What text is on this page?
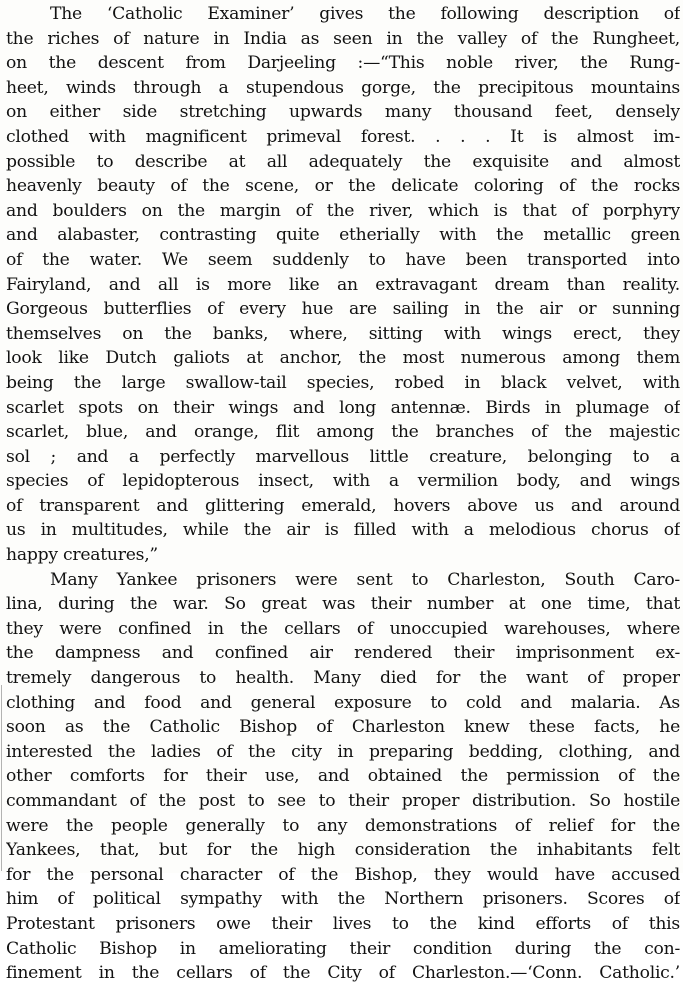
The ‘Catholic Examiner’ gives the following description of
the riches of nature in India as seen in the valley of the Rungheet,
on the descent from Darjeeling :—“This noble river, the Rung-
heet, winds through a stupendous gorge, the precipitous mountains
on either side stretching upwards many thousand feet, densely
clothed with magnificent primeval forest. . . . It is almost im-
possible to describe at all adequately the exquisite and almost
heavenly beauty of the scene, or the delicate coloring of the rocks
and boulders on the margin of the river, which is that of porphyry
and alabaster, contrasting quite etherially with the metallic green
of the water. We seem suddenly to have been transported into
Fairyland, and all is more like an extravagant dream than reality.
Gorgeous butterflies of every hue are sailing in the air or sunning
themselves on the banks, where, sitting with wings erect, they
look like Dutch galiots at anchor, the most numerous among them
being the large swallow-tail species, robed in black velvet, with
scarlet spots on their wings and long antennæ. Birds in plumage of
scarlet, blue, and orange, flit among the branches of the majestic
sol ; and a perfectly marvellous little creature, belonging to a
species of lepidopterous insect, with a vermilion body, and wings
of transparent and glittering emerald, hovers above us and around
us in multitudes, while the air is filled with a melodious chorus of
happy creatures,”
Many Yankee prisoners were sent to Charleston, South Caro-
lina, during the war. So great was their number at one time, that
they were confined in the cellars of unoccupied warehouses, where
the dampness and confined air rendered their imprisonment ex-
tremely dangerous to health. Many died for the want of proper
clothing and food and general exposure to cold and malaria. As
soon as the Catholic Bishop of Charleston knew these facts, he
interested the ladies of the city in preparing bedding, clothing, and
other comforts for their use, and obtained the permission of the
commandant of the post to see to their proper distribution. So hostile
were the people generally to any demonstrations of relief for the
Yankees, that, but for the high consideration the inhabitants felt
for the personal character of the Bishop, they would have accused
him of political sympathy with the Northern prisoners. Scores of
Protestant prisoners owe their lives to the kind efforts of this
Catholic Bishop in ameliorating their condition during the con-
finement in the cellars of the City of Charleston.—‘Conn. Catholic.’
